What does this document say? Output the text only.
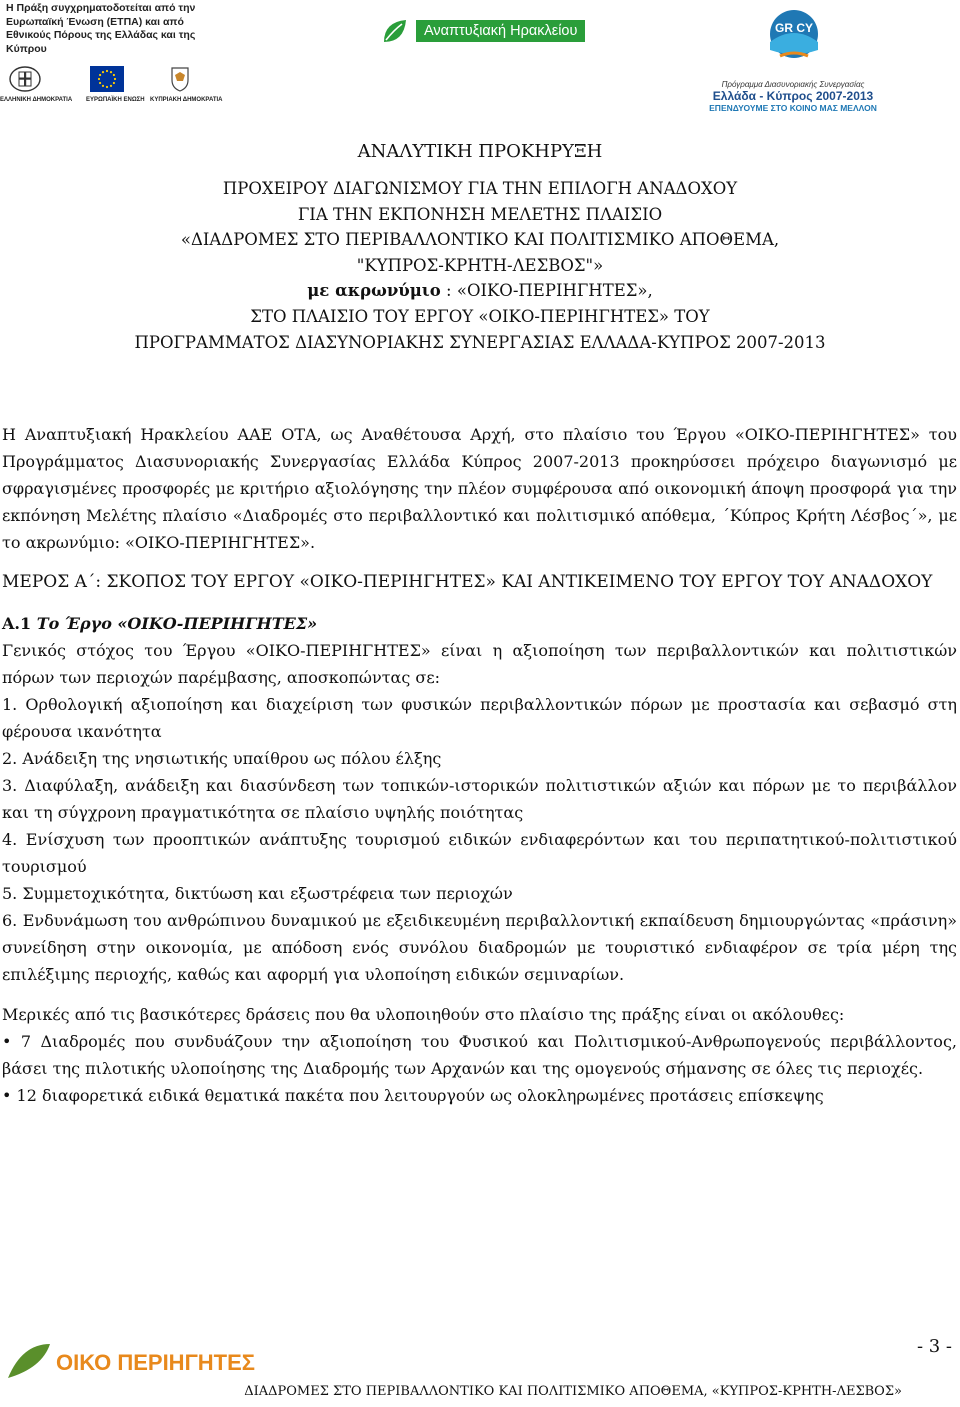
Η Πράξη συγχρηματοδοτείται από την Ευρωπαϊκή Ένωση (ΕΤΠΑ) και από Εθνικούς Πόρους της Ελλάδας και της Κύπρου
ΕΛΛΗΝΙΚΗ ΔΗΜΟΚΡΑΤΙΑ ΕΥΡΩΠΑΪΚΗ ΕΝΩΣΗ ΚΥΠΡΙΑΚΗ ΔΗΜΟΚΡΑΤΙΑ
Αναπτυξιακή Ηρακλείου	GR CY
Πρόγραμμα Διασυνοριακής Συνεργασίας
Ελλάδα - Κύπρος 2007-2013
ΕΠΕΝΔΥΟΥΜΕ ΣΤΟ ΚΟΙΝΟ ΜΑΣ ΜΕΛΛΟΝ
ΑΝΑΛΥΤΙΚΗ ΠΡΟΚΗΡΥΞΗ
ΠΡΟΧΕΙΡΟΥ ΔΙΑΓΩΝΙΣΜΟΥ ΓΙΑ ΤΗΝ ΕΠΙΛΟΓΗ ΑΝΑΔΟΧΟΥ
ΓΙΑ ΤΗΝ ΕΚΠΟΝΗΣΗ ΜΕΛΕΤΗΣ ΠΛΑΙΣΙΟ
«ΔΙΑΔΡΟΜΕΣ ΣΤΟ ΠΕΡΙΒΑΛΛΟΝΤΙΚΟ ΚΑΙ ΠΟΛΙΤΙΣΜΙΚΟ ΑΠΟΘΕΜΑ,
"ΚΥΠΡΟΣ-ΚΡΗΤΗ-ΛΕΣΒΟΣ"»
με ακρωνύμιο : «ΟΙΚΟ-ΠΕΡΙΗΓΗΤΕΣ»,
ΣΤΟ ΠΛΑΙΣΙΟ ΤΟΥ ΕΡΓΟΥ «ΟΙΚΟ-ΠΕΡΙΗΓΗΤΕΣ» ΤΟΥ
ΠΡΟΓΡΑΜΜΑΤΟΣ ΔΙΑΣΥΝΟΡΙΑΚΗΣ ΣΥΝΕΡΓΑΣΙΑΣ ΕΛΛΑΔΑ-ΚΥΠΡΟΣ 2007-2013

Η Αναπτυξιακή Ηρακλείου ΑΑΕ ΟΤΑ, ως Αναθέτουσα Αρχή, στο πλαίσιο του Έργου «ΟΙΚΟ-ΠΕΡΙΗΓΗΤΕΣ» του Προγράμματος Διασυνοριακής Συνεργασίας Ελλάδα Κύπρος 2007-2013 προκηρύσσει πρόχειρο διαγωνισμό με σφραγισμένες προσφορές με κριτήριο αξιολόγησης την πλέον συμφέρουσα από οικονομική άποψη προσφορά για την εκπόνηση Μελέτης πλαίσιο «Διαδρομές στο περιβαλλοντικό και πολιτισμικό απόθεμα, ΄Κύπρος Κρήτη Λέσβος΄», με το ακρωνύμιο: «ΟΙΚΟ-ΠΕΡΙΗΓΗΤΕΣ».

ΜΕΡΟΣ Α΄: ΣΚΟΠΟΣ ΤΟΥ ΕΡΓΟΥ «ΟΙΚΟ-ΠΕΡΙΗΓΗΤΕΣ» ΚΑΙ ΑΝΤΙΚΕΙΜΕΝΟ ΤΟΥ ΕΡΓΟΥ ΤΟΥ ΑΝΑΔΟΧΟΥ

Α.1 Το Έργο «ΟΙΚΟ-ΠΕΡΙΗΓΗΤΕΣ»

Γενικός στόχος του Έργου «ΟΙΚΟ-ΠΕΡΙΗΓΗΤΕΣ» είναι η αξιοποίηση των περιβαλλοντικών και πολιτιστικών πόρων των περιοχών παρέμβασης, αποσκοπώντας σε:

1. Ορθολογική αξιοποίηση και διαχείριση των φυσικών περιβαλλοντικών πόρων με προστασία και σεβασμό στη φέρουσα ικανότητα

2. Ανάδειξη της νησιωτικής υπαίθρου ως πόλου έλξης

3. Διαφύλαξη, ανάδειξη και διασύνδεση των τοπικών-ιστορικών πολιτιστικών αξιών και πόρων με το περιβάλλον και τη σύγχρονη πραγματικότητα σε πλαίσιο υψηλής ποιότητας

4. Ενίσχυση των προοπτικών ανάπτυξης τουρισμού ειδικών ενδιαφερόντων και του περιπατητικού-πολιτιστικού τουρισμού

5. Συμμετοχικότητα, δικτύωση και εξωστρέφεια των περιοχών

6. Ενδυνάμωση του ανθρώπινου δυναμικού με εξειδικευμένη περιβαλλοντική εκπαίδευση δημιουργώντας «πράσινη» συνείδηση στην οικονομία, με απόδοση ενός συνόλου διαδρομών με τουριστικό ενδιαφέρον σε τρία μέρη της επιλέξιμης περιοχής, καθώς και αφορμή για υλοποίηση ειδικών σεμιναρίων.

Μερικές από τις βασικότερες δράσεις που θα υλοποιηθούν στο πλαίσιο της πράξης είναι οι ακόλουθες:

• 7 Διαδρομές που συνδυάζουν την αξιοποίηση του Φυσικού και Πολιτισμικού-Ανθρωπογενούς περιβάλλοντος, βάσει της πιλοτικής υλοποίησης της Διαδρομής των Αρχανών και της ομογενούς σήμανσης σε όλες τις περιοχές.

• 12 διαφορετικά ειδικά θεματικά πακέτα που λειτουργούν ως ολοκληρωμένες προτάσεις επίσκεψης

ΟΙΚΟ ΠΕΡΙΗΓΗΤΕΣ
- 3 -
ΔΙΑΔΡΟΜΕΣ ΣΤΟ ΠΕΡΙΒΑΛΛΟΝΤΙΚΟ ΚΑΙ ΠΟΛΙΤΙΣΜΙΚΟ ΑΠΟΘΕΜΑ, «ΚΥΠΡΟΣ-ΚΡΗΤΗ-ΛΕΣΒΟΣ»
